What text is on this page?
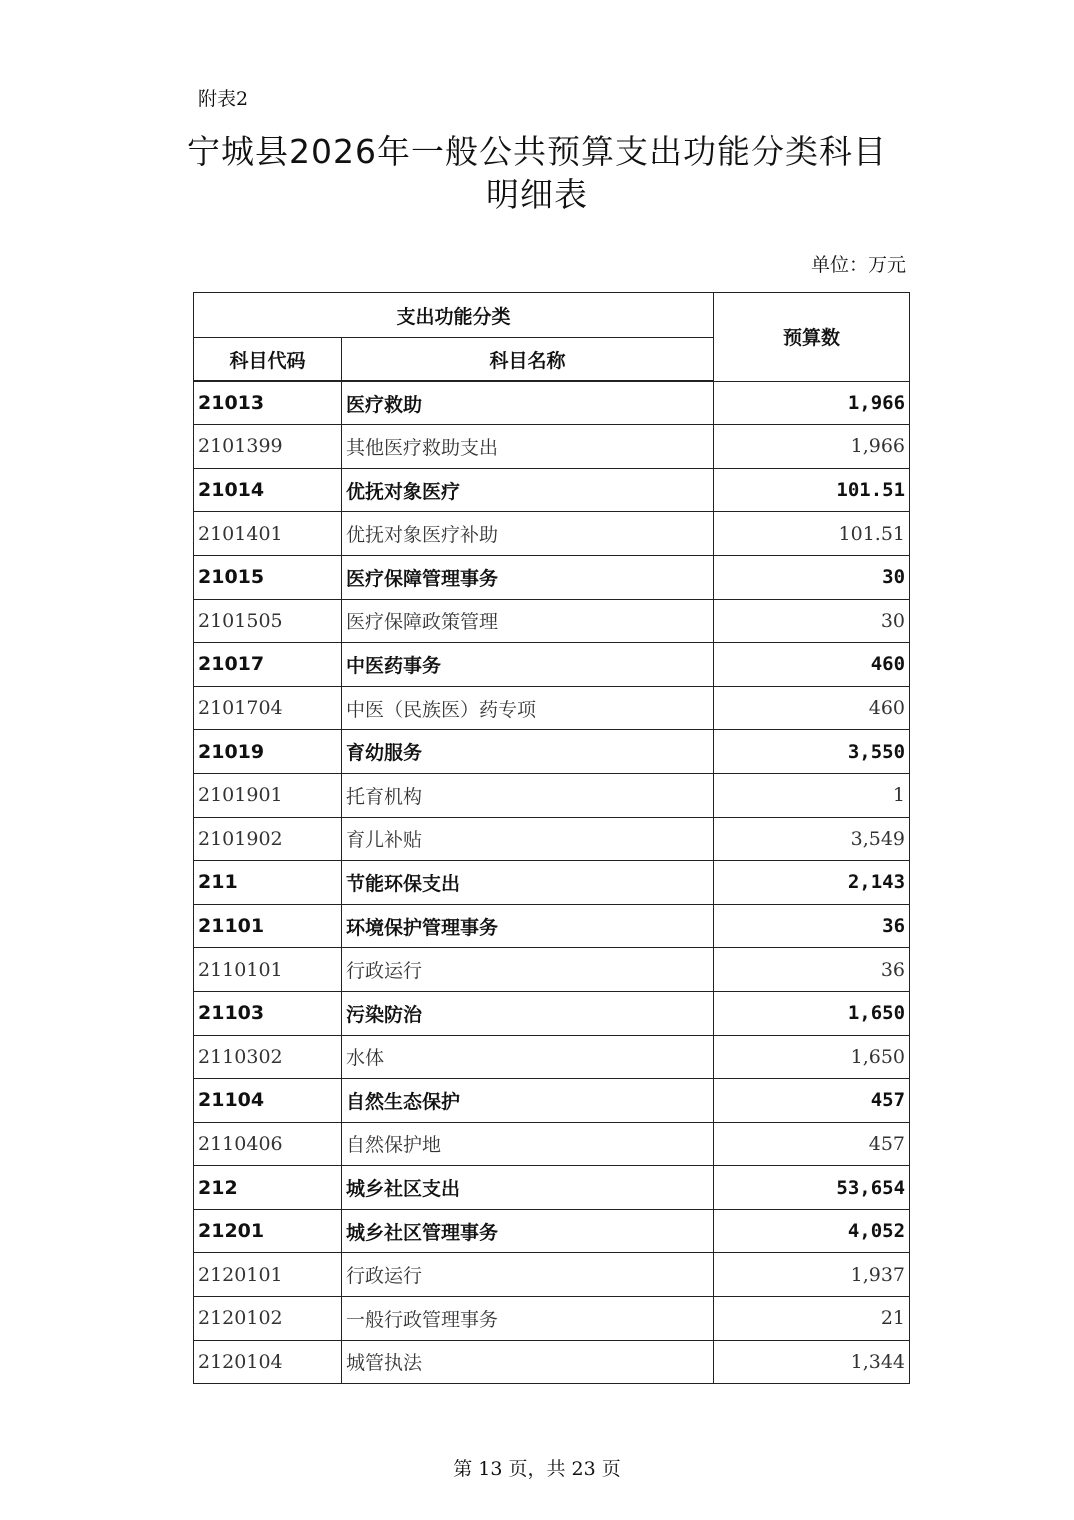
附表2
宁城县2026年一般公共预算支出功能分类科目
明细表
单位：万元
支出功能分类		预算数
科目代码	科目名称	
21013	医疗救助	1,966
2101399	其他医疗救助支出	1,966
21014	优抚对象医疗	101.51
2101401	优抚对象医疗补助	101.51
21015	医疗保障管理事务	30
2101505	医疗保障政策管理	30
21017	中医药事务	460
2101704	中医（民族医）药专项	460
21019	育幼服务	3,550
2101901	托育机构	1
2101902	育儿补贴	3,549
211	节能环保支出	2,143
21101	环境保护管理事务	36
2110101	行政运行	36
21103	污染防治	1,650
2110302	水体	1,650
21104	自然生态保护	457
2110406	自然保护地	457
212	城乡社区支出	53,654
21201	城乡社区管理事务	4,052
2120101	行政运行	1,937
2120102	一般行政管理事务	21
2120104	城管执法	1,344
第 13 页，共 23 页
